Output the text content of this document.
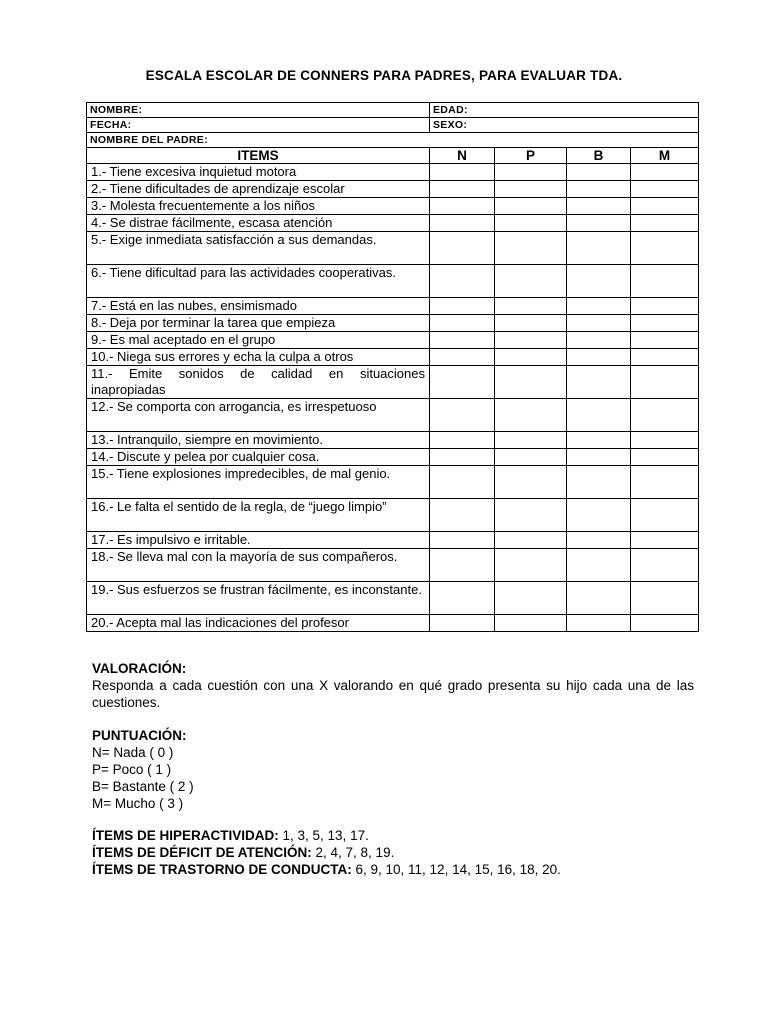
ESCALA ESCOLAR DE CONNERS PARA PADRES, PARA EVALUAR TDA.
NOMBRE:	EDAD:			
FECHA:	SEXO:			
NOMBRE DEL PADRE:				
ITEMS	N	P	B	M
1.- Tiene excesiva inquietud motora				
2.- Tiene dificultades de aprendizaje escolar				
3.- Molesta frecuentemente a los niños				
4.- Se distrae fácilmente, escasa atención				
5.- Exige inmediata satisfacción a sus demandas.				
6.- Tiene dificultad para las actividades cooperativas.				
7.- Está en las nubes, ensimismado				
8.- Deja por terminar la tarea que empieza				
9.- Es mal aceptado en el grupo				
10.- Niega sus errores y echa la culpa a otros				
11.- Emite sonidos de calidad en situaciones inapropiadas				
12.- Se comporta con arrogancia, es irrespetuoso				
13.- Intranquilo, siempre en movimiento.				
14.- Discute y pelea por cualquier cosa.				
15.- Tiene explosiones impredecibles, de mal genio.				
16.- Le falta el sentido de la regla, de “juego limpio”				
17.- Es impulsivo e irritable.				
18.- Se lleva mal con la mayoría de sus compañeros.				
19.- Sus esfuerzos se frustran fácilmente, es inconstante.				
20.- Acepta mal las indicaciones del profesor				

VALORACIÓN:

Responda a cada cuestión con una X valorando en qué grado presenta su hijo cada una de las cuestiones.

PUNTUACIÓN:

N= Nada ( 0 )

P= Poco ( 1 )

B= Bastante ( 2 )

M= Mucho ( 3 )

ÍTEMS DE HIPERACTIVIDAD: 1, 3, 5, 13, 17.

ÍTEMS DE DÉFICIT DE ATENCIÓN: 2, 4, 7, 8, 19.

ÍTEMS DE TRASTORNO DE CONDUCTA: 6, 9, 10, 11, 12, 14, 15, 16, 18, 20.
